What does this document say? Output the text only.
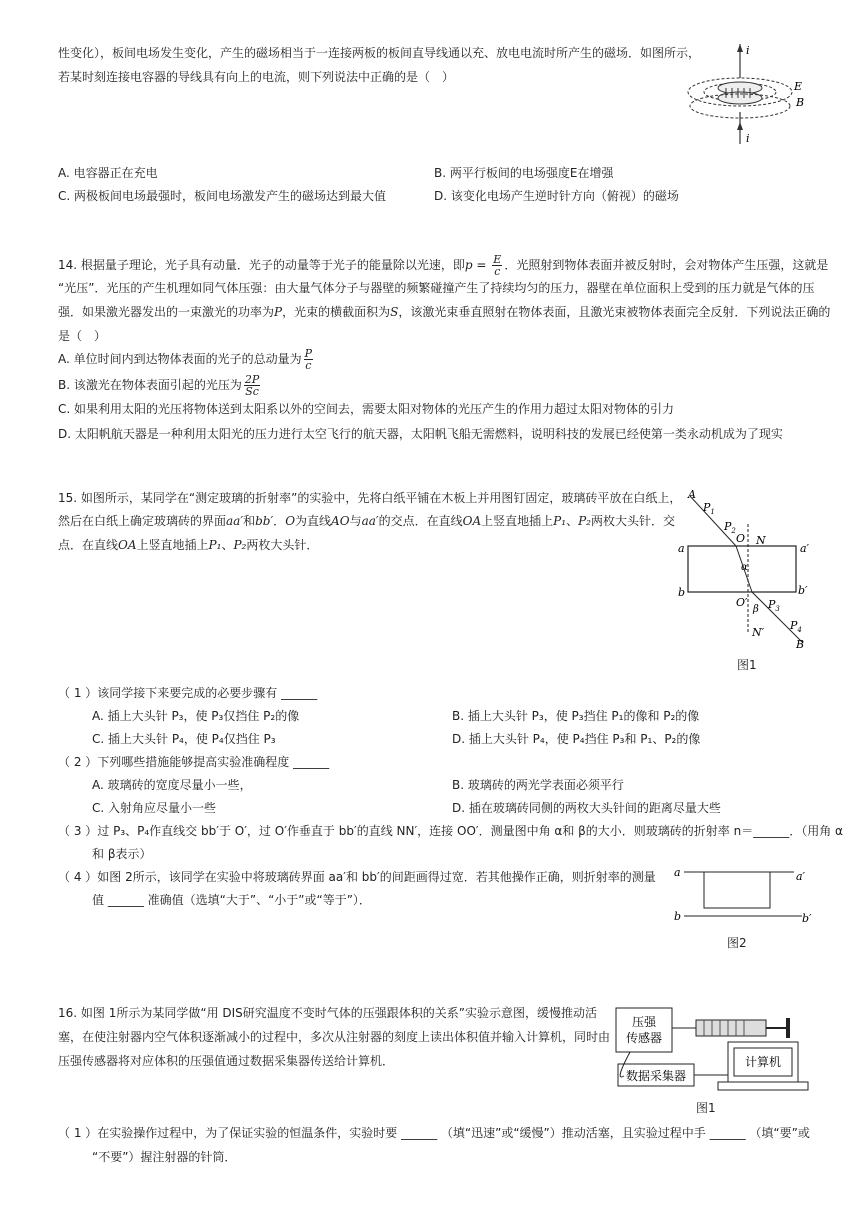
性变化），板间电场发生变化，产生的磁场相当于一连接两板的板间直导线通以充、放电电流时所产生的磁场．如图所示，
若某时刻连接电容器的导线具有向上的电流，则下列说法中正确的是（　）
i
i
E
B
A. 电容器正在充电	B. 两平行板间的电场强度E在增强
C. 两极板间电场最强时，板间电场激发产生的磁场达到最大值	D. 该变化电场产生逆时针方向（俯视）的磁场
14. 根据量子理论，光子具有动量．光子的动量等于光子的能量除以光速，即$p = \frac{E}{c}$ ．光照射到物体表面并被反射时，会对物体产生压强，这就是
“光压”．光压的产生机理如同气体压强：由大量气体分子与器壁的频繁碰撞产生了持续均匀的压力，器壁在单位面积上受到的压力就是气体的压
强．如果激光器发出的一束激光的功率为P，光束的横截面积为S，该激光束垂直照射在物体表面，且激光束被物体表面完全反射．下列说法正确的
是（　）
A. 单位时间内到达物体表面的光子的总动量为 $\frac{P}{c}$
B. 该激光在物体表面引起的光压为 $\frac{2P}{Sc}$
C. 如果利用太阳的光压将物体送到太阳系以外的空间去，需要太阳对物体的光压产生的作用力超过太阳对物体的引力
D. 太阳帆航天器是一种利用太阳光的压力进行太空飞行的航天器，太阳帆飞船无需燃料，说明科技的发展已经使第一类永动机成为了现实
15. 如图所示，某同学在“测定玻璃的折射率”的实验中，先将白纸平铺在木板上并用图钉固定，玻璃砖平放在白纸上，
然后在白纸上确定玻璃砖的界面aa′和bb′．O为直线AO与aa′的交点．在直线OA上竖直地插上P₁、P₂两枚大头针．交
点．在直线OA上竖直地插上P₁、P₂两枚大头针．
A
$P_1$
$P_2$
O N
a	a′
α
b	b′
O′
β $P_3$
N′
$P_4$
B
图1
（ 1 ）该同学接下来要完成的必要步骤有 ______
A. 插上大头针 P₃，使 P₃仅挡住 P₂的像	B. 插上大头针 P₃，使 P₃挡住 P₁的像和 P₂的像
C. 插上大头针 P₄，使 P₄仅挡住 P₃	D. 插上大头针 P₄，使 P₄挡住 P₃和 P₁、P₂的像
（ 2 ）下列哪些措施能够提高实验准确程度 ______
A. 玻璃砖的宽度尽量小一些，	B. 玻璃砖的两光学表面必须平行
C. 入射角应尽量小一些	D. 插在玻璃砖同侧的两枚大头针间的距离尽量大些
（ 3 ）过 P₃、P₄作直线交 bb′于 O′，过 O′作垂直于 bb′的直线 NN′，连接 OO′．测量图中角 α和 β的大小．则玻璃砖的折射率 n＝______．（用角 α
和 β表示）
（ 4 ）如图 2所示，该同学在实验中将玻璃砖界面 aa′和 bb′的间距画得过宽．若其他操作正确，则折射率的测量
值 ______ 准确值（选填“大于”、“小于”或“等于”）．
a	a′
b	b′
图2
16. 如图 1所示为某同学做“用 DIS研究温度不变时气体的压强跟体积的关系”实验示意图，缓慢推动活
塞，在使注射器内空气体积逐渐减小的过程中，多次从注射器的刻度上读出体积值并输入计算机，同时由
压强传感器将对应体积的压强值通过数据采集器传送给计算机．
压强
传感器
数据采集器
计算机
图1
（ 1 ）在实验操作过程中，为了保证实验的恒温条件，实验时要 ______ （填“迅速”或“缓慢”）推动活塞，且实验过程中手 ______ （填“要”或
“不要”）握注射器的针筒．
